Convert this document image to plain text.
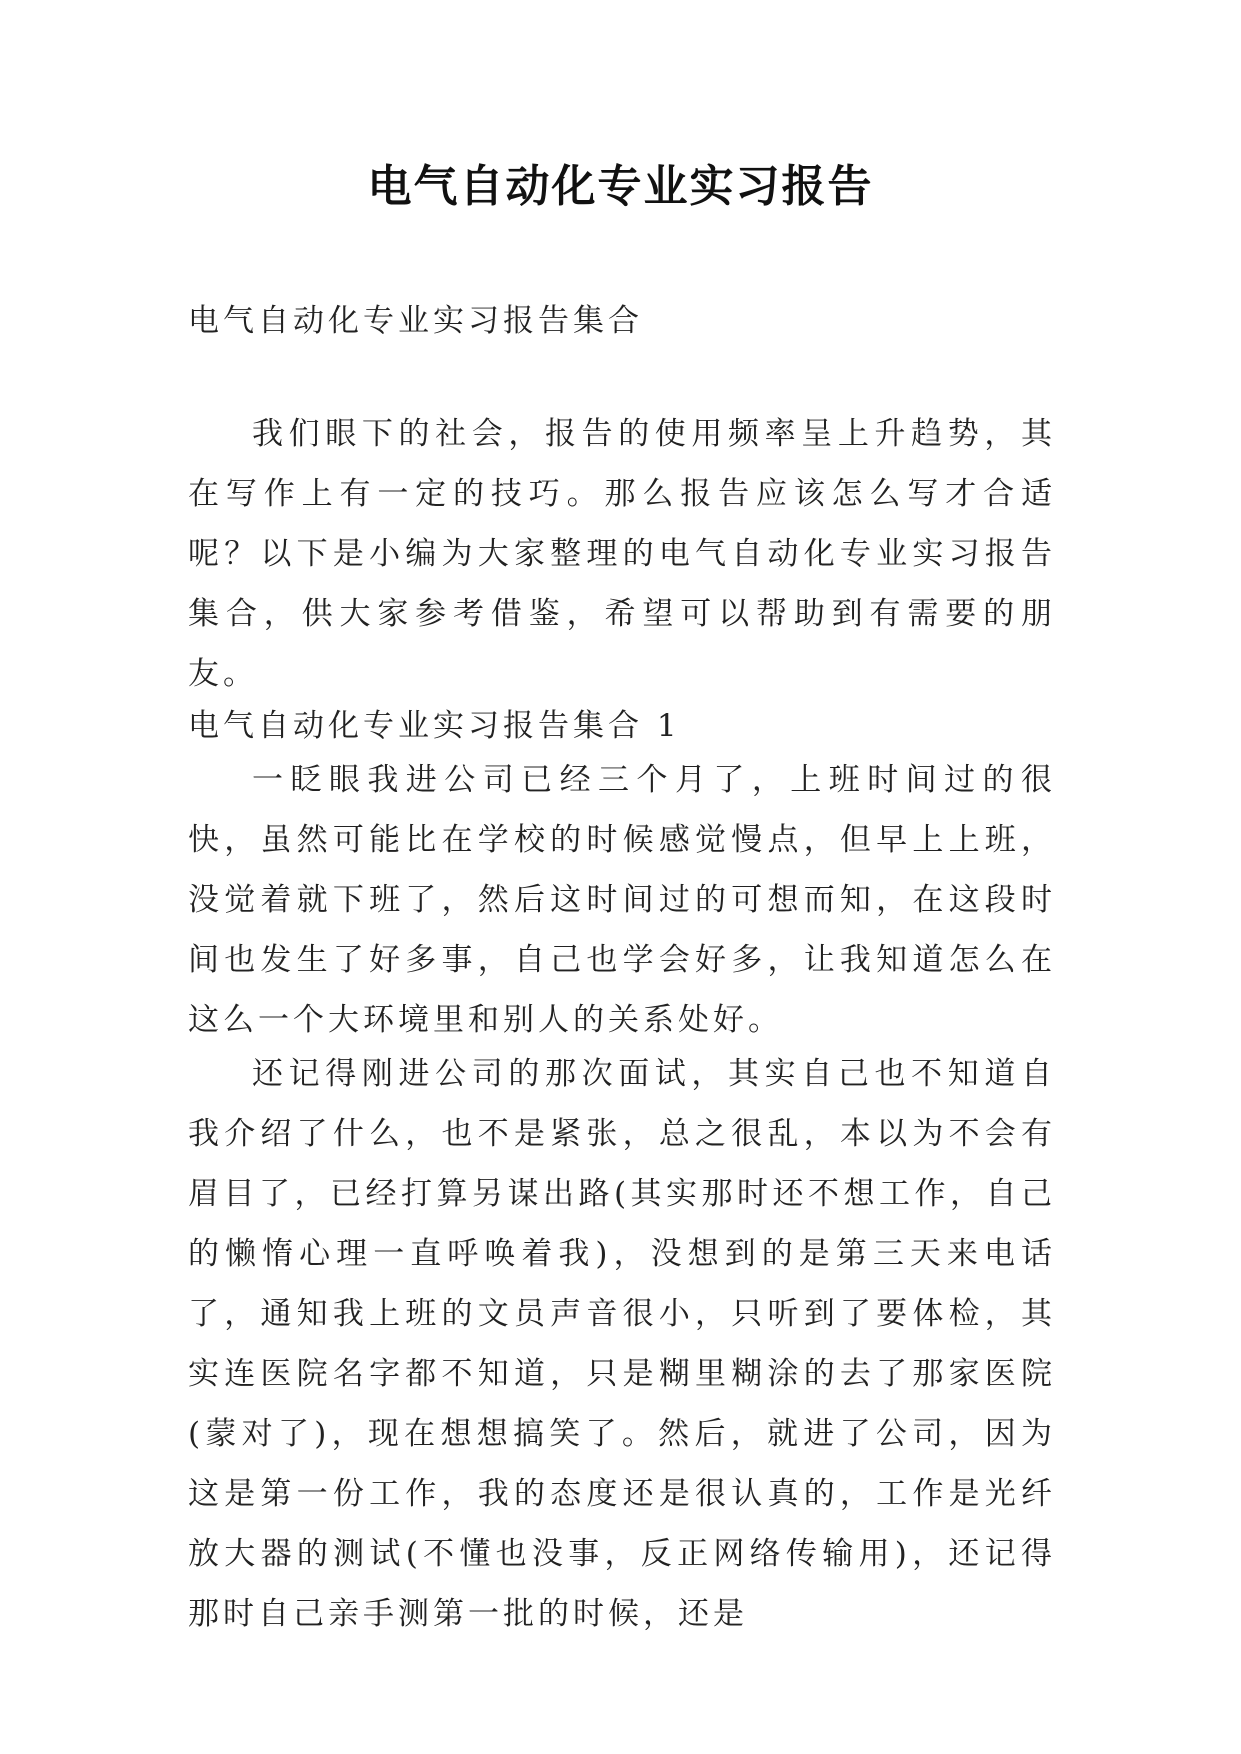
电气自动化专业实习报告

电气自动化专业实习报告集合

我们眼下的社会，报告的使用频率呈上升趋势，其在写作上有一定的技巧。那么报告应该怎么写才合适呢？以下是小编为大家整理的电气自动化专业实习报告集合，供大家参考借鉴，希望可以帮助到有需要的朋友。

电气自动化专业实习报告集合 1

一眨眼我进公司已经三个月了，上班时间过的很快，虽然可能比在学校的时候感觉慢点，但早上上班，没觉着就下班了，然后这时间过的可想而知，在这段时间也发生了好多事，自己也学会好多，让我知道怎么在这么一个大环境里和别人的关系处好。

还记得刚进公司的那次面试，其实自己也不知道自我介绍了什么，也不是紧张，总之很乱，本以为不会有眉目了，已经打算另谋出路(其实那时还不想工作，自己的懒惰心理一直呼唤着我)，没想到的是第三天来电话了，通知我上班的文员声音很小，只听到了要体检，其实连医院名字都不知道，只是糊里糊涂的去了那家医院(蒙对了)，现在想想搞笑了。然后，就进了公司，因为这是第一份工作，我的态度还是很认真的，工作是光纤放大器的测试(不懂也没事，反正网络传输用)，还记得那时自己亲手测第一批的时候，还是
